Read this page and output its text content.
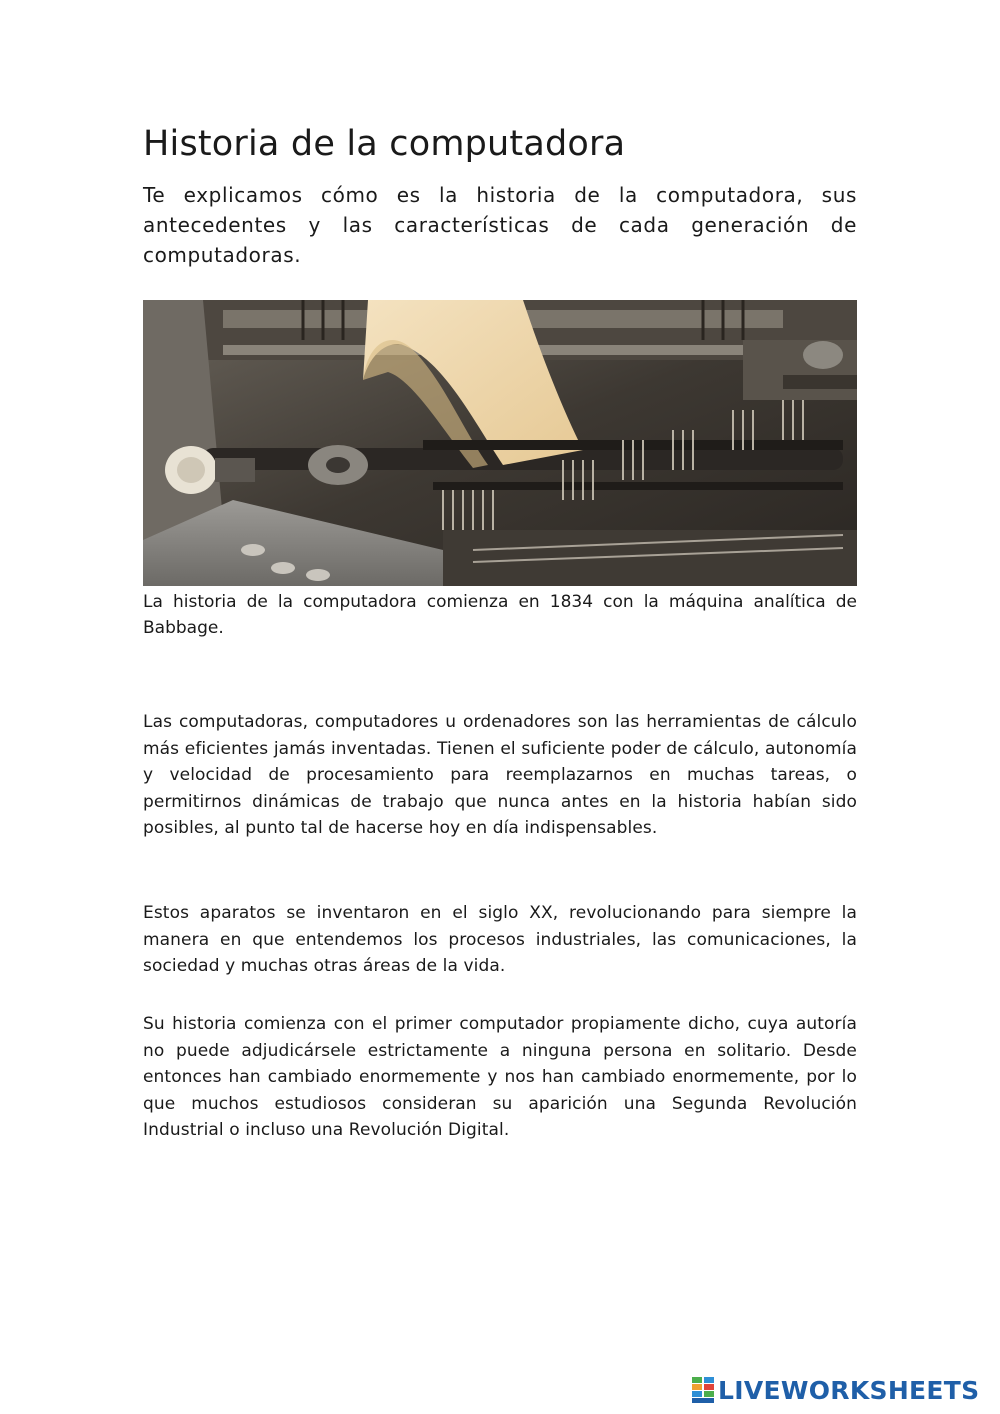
Historia de la computadora

Te explicamos cómo es la historia de la computadora, sus antecedentes y las características de cada generación de computadoras.

La historia de la computadora comienza en 1834 con la máquina analítica de Babbage.

Las computadoras, computadores u ordenadores son las herramientas de cálculo más eficientes jamás inventadas. Tienen el suficiente poder de cálculo, autonomía y velocidad de procesamiento para reemplazarnos en muchas tareas, o permitirnos dinámicas de trabajo que nunca antes en la historia habían sido posibles, al punto tal de hacerse hoy en día indispensables.

Estos aparatos se inventaron en el siglo XX, revolucionando para siempre la manera en que entendemos los procesos industriales, las comunicaciones, la sociedad y muchas otras áreas de la vida.

Su historia comienza con el primer computador propiamente dicho, cuya autoría no puede adjudicársele estrictamente a ninguna persona en solitario. Desde entonces han cambiado enormemente y nos han cambiado enormemente, por lo que muchos estudiosos consideran su aparición una Segunda Revolución Industrial o incluso una Revolución Digital.

LIVEWORKSHEETS
